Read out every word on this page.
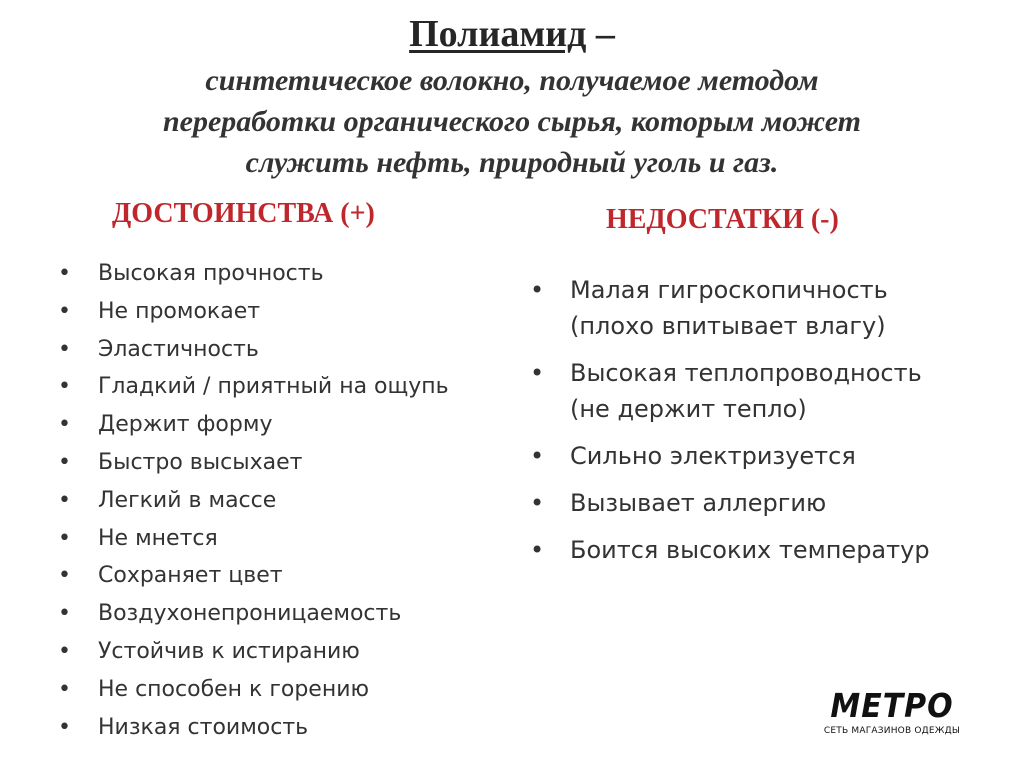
Полиамид –
синтетическое волокно, получаемое методом
переработки органического сырья, которым может
служить нефть, природный уголь и газ.
ДОСТОИНСТВА (+)	НЕДОСТАТКИ (-)
• Высокая прочность
• Не промокает
• Эластичность
• Гладкий / приятный на ощупь
• Держит форму
• Быстро высыхает
• Легкий в массе
• Не мнется
• Сохраняет цвет
• Воздухонепроницаемость
• Устойчив к истиранию
• Не способен к горению
• Низкая стоимость
• Малая гигроскопичность
(плохо впитывает влагу)
• Высокая теплопроводность
(не держит тепло)
• Сильно электризуется
• Вызывает аллергию
• Боится высоких температур
METPO
СЕТЬ МАГАЗИНОВ ОДЕЖДЫ
